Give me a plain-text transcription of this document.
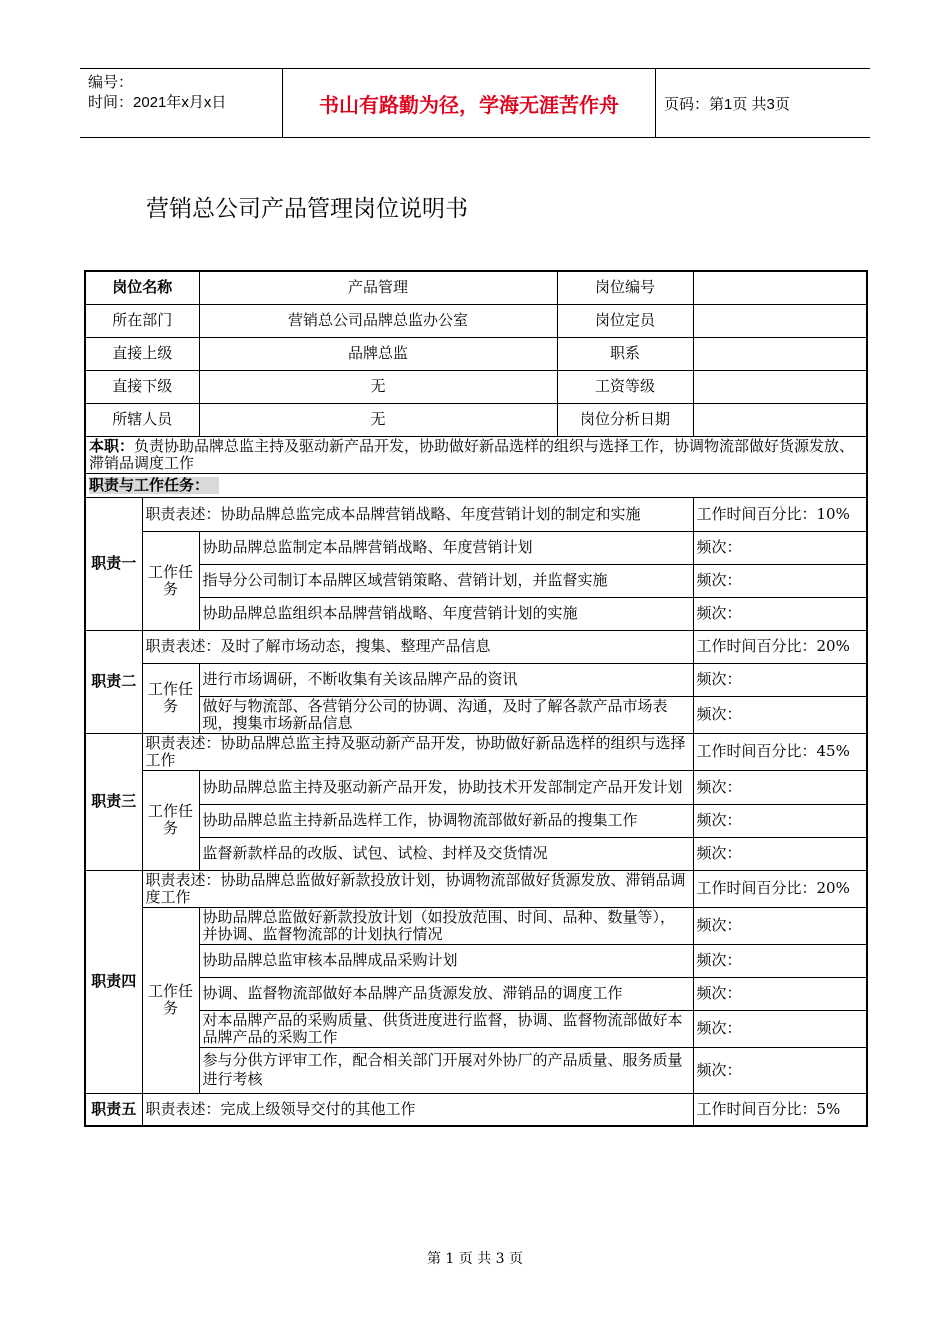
编号：
时间：2021年x月x日	书山有路勤为径，学海无涯苦作舟	页码：第1页 共3页
营销总公司产品管理岗位说明书
岗位名称		产品管理	岗位编号	
所在部门		营销总公司品牌总监办公室	岗位定员	
直接上级		品牌总监	职系	
直接下级		无	工资等级	
所辖人员		无	岗位分析日期	
本职：负责协助品牌总监主持及驱动新产品开发，协助做好新品选样的组织与选择工作，协调物流部做好货源发放、滞销品调度工作				
职责与工作任务：				
职责一	职责表述：协助品牌总监完成本品牌营销战略、年度营销计划的制定和实施			工作时间百分比：10%
	工作任务	协助品牌总监制定本品牌营销战略、年度营销计划		频次：
		指导分公司制订本品牌区域营销策略、营销计划，并监督实施		频次：
		协助品牌总监组织本品牌营销战略、年度营销计划的实施		频次：
职责二	职责表述：及时了解市场动态，搜集、整理产品信息			工作时间百分比：20%
	工作任务	进行市场调研，不断收集有关该品牌产品的资讯		频次：
		做好与物流部、各营销分公司的协调、沟通，及时了解各款产品市场表现，搜集市场新品信息		频次：
职责三	职责表述：协助品牌总监主持及驱动新产品开发，协助做好新品选样的组织与选择工作			工作时间百分比：45%
	工作任务	协助品牌总监主持及驱动新产品开发，协助技术开发部制定产品开发计划		频次：
		协助品牌总监主持新品选样工作，协调物流部做好新品的搜集工作		频次：
		监督新款样品的改版、试包、试检、封样及交货情况		频次：
职责四	职责表述：协助品牌总监做好新款投放计划，协调物流部做好货源发放、滞销品调度工作			工作时间百分比：20%
	工作任务	协助品牌总监做好新款投放计划（如投放范围、时间、品种、数量等），并协调、监督物流部的计划执行情况		频次：
		协助品牌总监审核本品牌成品采购计划		频次：
		协调、监督物流部做好本品牌产品货源发放、滞销品的调度工作		频次：
		对本品牌产品的采购质量、供货进度进行监督，协调、监督物流部做好本品牌产品的采购工作		频次：
		参与分供方评审工作，配合相关部门开展对外协厂的产品质量、服务质量进行考核		频次：
职责五	职责表述：完成上级领导交付的其他工作			工作时间百分比：5%
第 1 页 共 3 页
